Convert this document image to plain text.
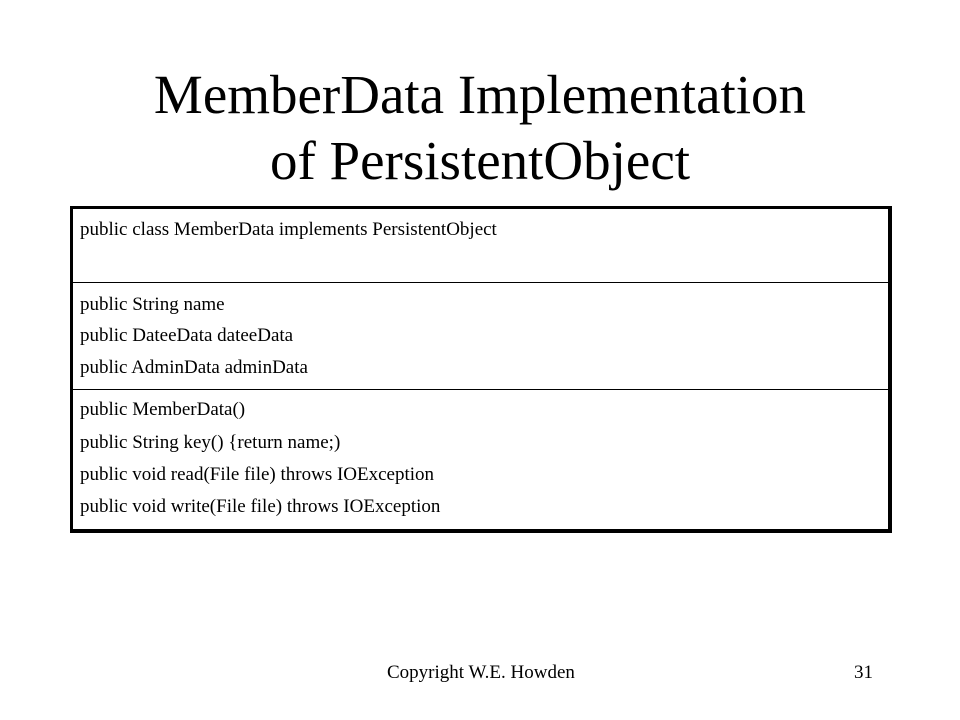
MemberData Implementation
of PersistentObject
public class MemberData implements PersistentObject
public String name
public DateeData dateeData
public AdminData adminData
public MemberData()
public String key() {return name;)
public void read(File file) throws IOException
public void write(File file) throws IOException
Copyright W.E. Howden	31
